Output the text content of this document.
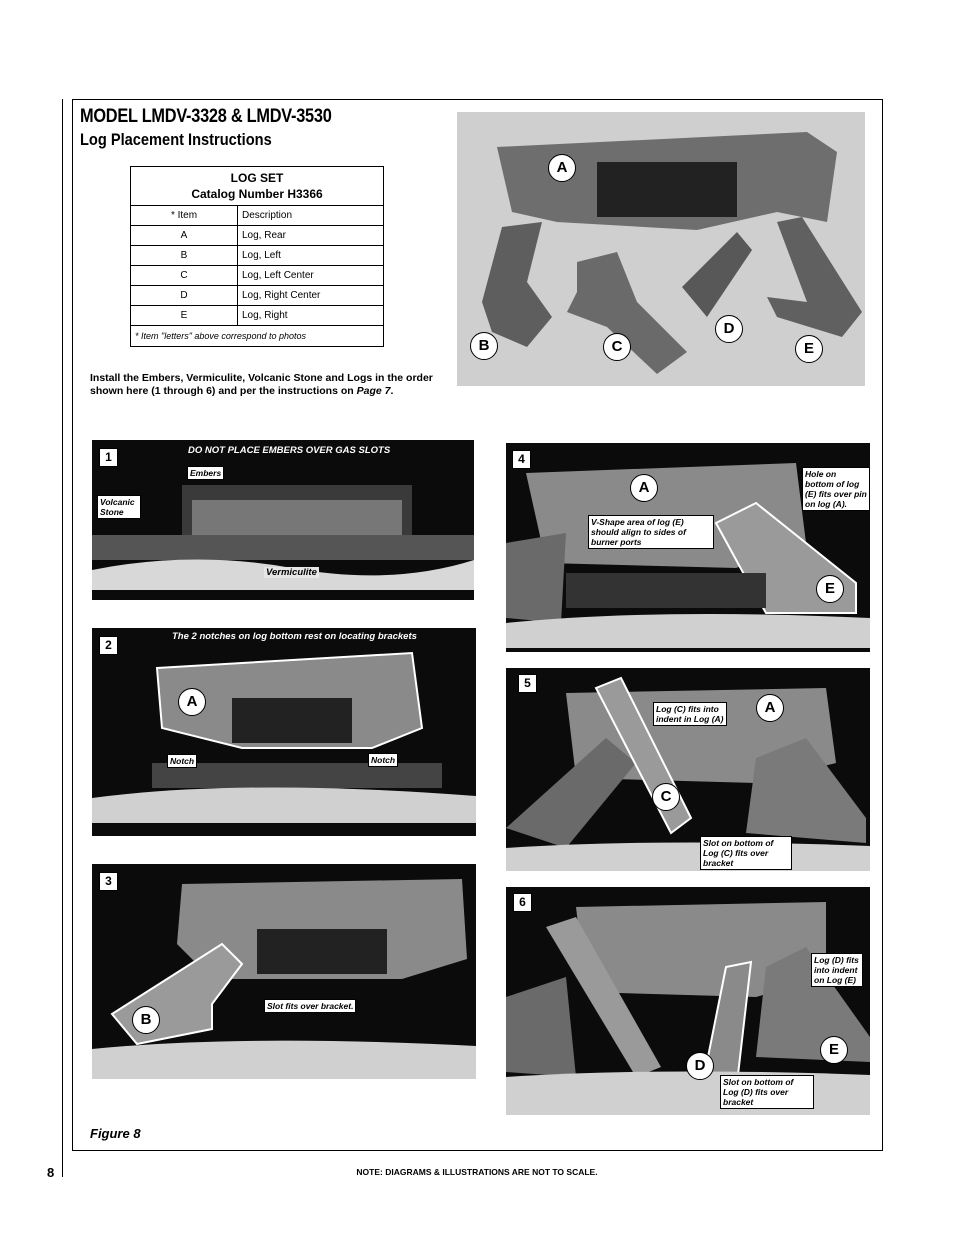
MODEL LMDV-3328 & LMDV-3530
Log Placement Instructions
LOG SET
Catalog Number H3366	

* Item	Description
A	Log, Rear
B	Log, Left
C	Log, Left Center
D	Log, Right Center
E	Log, Right
* Item "letters" above correspond to photos	
Install the Embers, Vermiculite, Volcanic Stone and Logs in the order shown here (1 through 6) and per the instructions on Page 7.
A
B	C
D
E
1	DO NOT PLACE EMBERS OVER GAS SLOTS
Embers
Volcanic Stone
Vermiculite
2
The 2 notches on log bottom rest on locating brackets
A
Notch	Notch
3
Slot fits over bracket.
B
4
A
E
Hole on bottom of log (E) fits over pin on log (A).
V-Shape area of log (E) should align to sides of burner ports
5
A
C
Log (C) fits into indent in Log (A)
Slot on bottom of Log (C) fits over bracket
6
D
E
Log (D) fits into indent on Log (E)
Slot on bottom of Log (D) fits over bracket
Figure 8
8	NOTE: DIAGRAMS & ILLUSTRATIONS ARE NOT TO SCALE.
